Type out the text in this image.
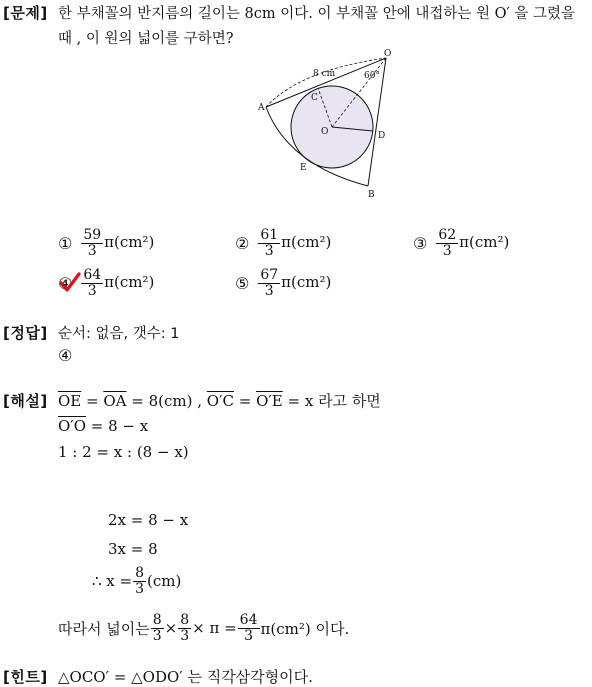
[문제] 한 부채꼴의 반지름의 길이는 8cm 이다. 이 부채꼴 안에 내접하는 원 O′ 을 그렸을
때 , 이 원의 넓이를 구하면?
O
A
B
C
D
E
O
8 cm	60°
① $\frac{59}{3} \pi(cm^2)$	② $\frac{61}{3} \pi(cm^2)$	③ $\frac{62}{3} \pi(cm^2)$
④ $\frac{64}{3} \pi(cm^2)$	⑤ $\frac{67}{3} \pi(cm^2)$
[정답] 순서: 없음, 갯수: 1
④
[해설] $\overline{OE} = \overline{OA} = 8(cm)$ , O′C = O′E = x 라고 하면
O′O = 8 − x
1 : 2 = x : (8 − x)
2x = 8 − x
3x = 8
∴ $x = \frac{8}{3} (cm)$
따라서 넓이는 $\frac{8}{3} \times \frac{8}{3} \times \pi = \frac{64}{3} \pi(cm^2)$ 이다.
[힌트] △OCO′ = △ODO′ 는 직각삼각형이다.
